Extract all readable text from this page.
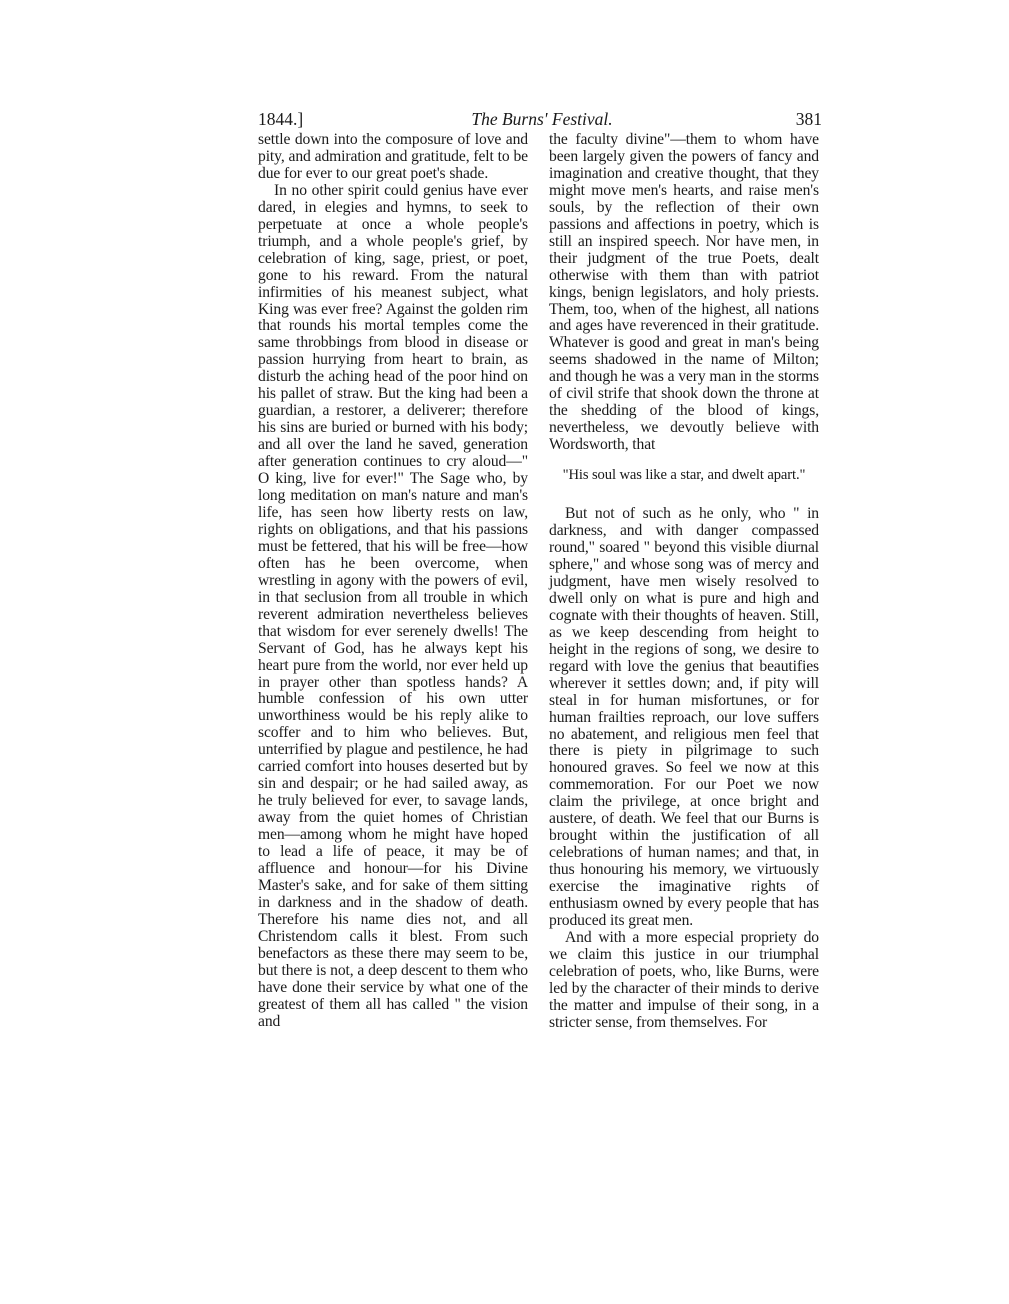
1844.]	The Burns' Festival.	381

settle down into the composure of love and pity, and admiration and gratitude, felt to be due for ever to our great poet's shade.

In no other spirit could genius have ever dared, in elegies and hymns, to seek to perpetuate at once a whole people's triumph, and a whole people's grief, by celebration of king, sage, priest, or poet, gone to his reward. From the natural infirmities of his meanest subject, what King was ever free? Against the golden rim that rounds his mortal temples come the same throbbings from blood in disease or passion hurrying from heart to brain, as disturb the aching head of the poor hind on his pallet of straw. But the king had been a guardian, a restorer, a deliverer; therefore his sins are buried or burned with his body; and all over the land he saved, generation after generation continues to cry aloud—" O king, live for ever!" The Sage who, by long meditation on man's nature and man's life, has seen how liberty rests on law, rights on obligations, and that his passions must be fettered, that his will be free—how often has he been overcome, when wrestling in agony with the powers of evil, in that seclusion from all trouble in which reverent admiration nevertheless believes that wisdom for ever serenely dwells! The Servant of God, has he always kept his heart pure from the world, nor ever held up in prayer other than spotless hands? A humble confession of his own utter unworthiness would be his reply alike to scoffer and to him who believes. But, unterrified by plague and pestilence, he had carried comfort into houses deserted but by sin and despair; or he had sailed away, as he truly believed for ever, to savage lands, away from the quiet homes of Christian men—among whom he might have hoped to lead a life of peace, it may be of affluence and honour—for his Divine Master's sake, and for sake of them sitting in darkness and in the shadow of death. Therefore his name dies not, and all Christendom calls it blest. From such benefactors as these there may seem to be, but there is not, a deep descent to them who have done their service by what one of the greatest of them all has called " the vision and

the faculty divine"—them to whom have been largely given the powers of fancy and imagination and creative thought, that they might move men's hearts, and raise men's souls, by the reflection of their own passions and affections in poetry, which is still an inspired speech. Nor have men, in their judgment of the true Poets, dealt otherwise with them than with patriot kings, benign legislators, and holy priests. Them, too, when of the highest, all nations and ages have reverenced in their gratitude. Whatever is good and great in man's being seems shadowed in the name of Milton; and though he was a very man in the storms of civil strife that shook down the throne at the shedding of the blood of kings, nevertheless, we devoutly believe with Wordsworth, that

"His soul was like a star, and dwelt apart."

But not of such as he only, who " in darkness, and with danger compassed round," soared " beyond this visible diurnal sphere," and whose song was of mercy and judgment, have men wisely resolved to dwell only on what is pure and high and cognate with their thoughts of heaven. Still, as we keep descending from height to height in the regions of song, we desire to regard with love the genius that beautifies wherever it settles down; and, if pity will steal in for human misfortunes, or for human frailties reproach, our love suffers no abatement, and religious men feel that there is piety in pilgrimage to such honoured graves. So feel we now at this commemoration. For our Poet we now claim the privilege, at once bright and austere, of death. We feel that our Burns is brought within the justification of all celebrations of human names; and that, in thus honouring his memory, we virtuously exercise the imaginative rights of enthusiasm owned by every people that has produced its great men.

And with a more especial propriety do we claim this justice in our triumphal celebration of poets, who, like Burns, were led by the character of their minds to derive the matter and impulse of their song, in a stricter sense, from themselves. For
